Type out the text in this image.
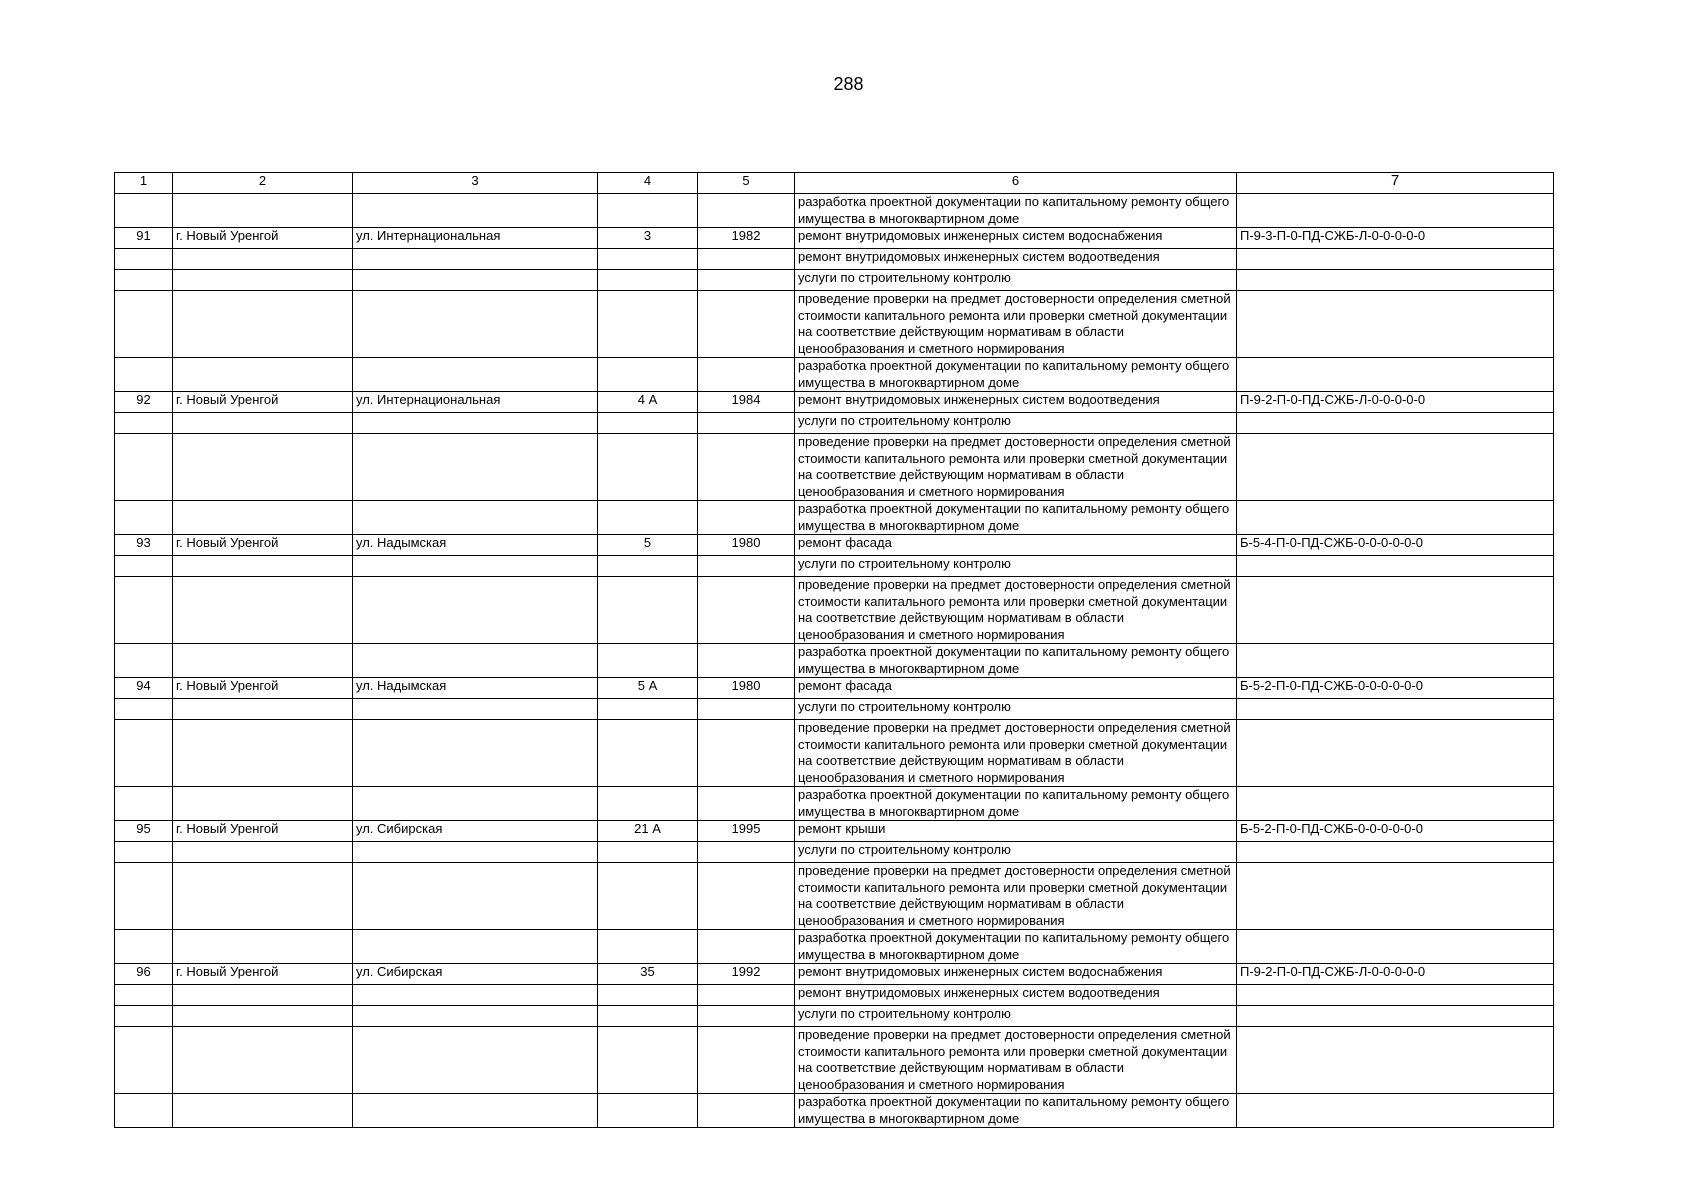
288
1	2	3	4	5	6	7
					разработка проектной документации по капитальному ремонту общего имущества в многоквартирном доме	
91	г. Новый Уренгой	ул. Интернациональная	3	1982	ремонт внутридомовых инженерных систем водоснабжения	П-9-3-П-0-ПД-СЖБ-Л-0-0-0-0-0
					ремонт внутридомовых инженерных систем водоотведения	
					услуги по строительному контролю	
					проведение проверки на предмет достоверности определения сметной стоимости капитального ремонта или проверки сметной документации на соответствие действующим нормативам в области ценообразования и сметного нормирования	
					разработка проектной документации по капитальному ремонту общего имущества в многоквартирном доме	
92	г. Новый Уренгой	ул. Интернациональная	4 А	1984	ремонт внутридомовых инженерных систем водоотведения	П-9-2-П-0-ПД-СЖБ-Л-0-0-0-0-0
					услуги по строительному контролю	
					проведение проверки на предмет достоверности определения сметной стоимости капитального ремонта или проверки сметной документации на соответствие действующим нормативам в области ценообразования и сметного нормирования	
					разработка проектной документации по капитальному ремонту общего имущества в многоквартирном доме	
93	г. Новый Уренгой	ул. Надымская	5	1980	ремонт фасада	Б-5-4-П-0-ПД-СЖБ-0-0-0-0-0-0
					услуги по строительному контролю	
					проведение проверки на предмет достоверности определения сметной стоимости капитального ремонта или проверки сметной документации на соответствие действующим нормативам в области ценообразования и сметного нормирования	
					разработка проектной документации по капитальному ремонту общего имущества в многоквартирном доме	
94	г. Новый Уренгой	ул. Надымская	5 А	1980	ремонт фасада	Б-5-2-П-0-ПД-СЖБ-0-0-0-0-0-0
					услуги по строительному контролю	
					проведение проверки на предмет достоверности определения сметной стоимости капитального ремонта или проверки сметной документации на соответствие действующим нормативам в области ценообразования и сметного нормирования	
					разработка проектной документации по капитальному ремонту общего имущества в многоквартирном доме	
95	г. Новый Уренгой	ул. Сибирская	21 А	1995	ремонт крыши	Б-5-2-П-0-ПД-СЖБ-0-0-0-0-0-0
					услуги по строительному контролю	
					проведение проверки на предмет достоверности определения сметной стоимости капитального ремонта или проверки сметной документации на соответствие действующим нормативам в области ценообразования и сметного нормирования	
					разработка проектной документации по капитальному ремонту общего имущества в многоквартирном доме	
96	г. Новый Уренгой	ул. Сибирская	35	1992	ремонт внутридомовых инженерных систем водоснабжения	П-9-2-П-0-ПД-СЖБ-Л-0-0-0-0-0
					ремонт внутридомовых инженерных систем водоотведения	
					услуги по строительному контролю	
					проведение проверки на предмет достоверности определения сметной стоимости капитального ремонта или проверки сметной документации на соответствие действующим нормативам в области ценообразования и сметного нормирования	
					разработка проектной документации по капитальному ремонту общего имущества в многоквартирном доме	
